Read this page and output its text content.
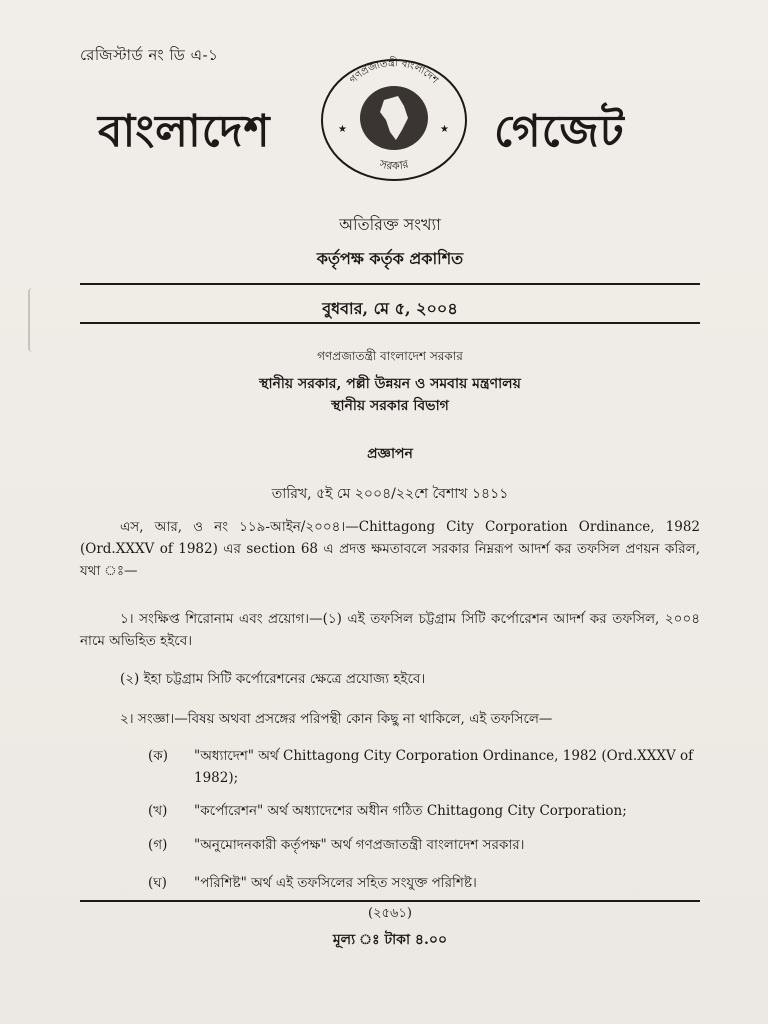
রেজিস্টার্ড নং ডি এ-১
বাংলাদেশ
গণপ্রজাতন্ত্রী বাংলাদেশ
সরকার
★	★ গেজেট
অতিরিক্ত সংখ্যা
কর্তৃপক্ষ কর্তৃক প্রকাশিত
বুধবার, মে ৫, ২০০৪
গণপ্রজাতন্ত্রী বাংলাদেশ সরকার
স্থানীয় সরকার, পল্লী উন্নয়ন ও সমবায় মন্ত্রণালয়
স্থানীয় সরকার বিভাগ
প্রজ্ঞাপন
তারিখ, ৫ই মে ২০০৪/২২শে বৈশাখ ১৪১১
এস, আর, ও নং ১১৯-আইন/২০০৪।—Chittagong City Corporation Ordinance, 1982 (Ord.XXXV of 1982) এর section 68 এ প্রদত্ত ক্ষমতাবলে সরকার নিম্নরূপ আদর্শ কর তফসিল প্রণয়ন করিল, যথা ঃ—
১। সংক্ষিপ্ত শিরোনাম এবং প্রয়োগ।—(১) এই তফসিল চট্টগ্রাম সিটি কর্পোরেশন আদর্শ কর তফসিল, ২০০৪ নামে অভিহিত হইবে।
(২) ইহা চট্টগ্রাম সিটি কর্পোরেশনের ক্ষেত্রে প্রযোজ্য হইবে।
২। সংজ্ঞা।—বিষয় অথবা প্রসঙ্গের পরিপন্থী কোন কিছু না থাকিলে, এই তফসিলে—
(ক)	"অধ্যাদেশ" অর্থ Chittagong City Corporation Ordinance, 1982 (Ord.XXXV of 1982);
(খ)	"কর্পোরেশন" অর্থ অধ্যাদেশের অধীন গঠিত Chittagong City Corporation;
(গ)	"অনুমোদনকারী কর্তৃপক্ষ" অর্থ গণপ্রজাতন্ত্রী বাংলাদেশ সরকার।
(ঘ)	"পরিশিষ্ট" অর্থ এই তফসিলের সহিত সংযুক্ত পরিশিষ্ট।
(২৫৬১)
মূল্য ঃ টাকা ৪.০০
